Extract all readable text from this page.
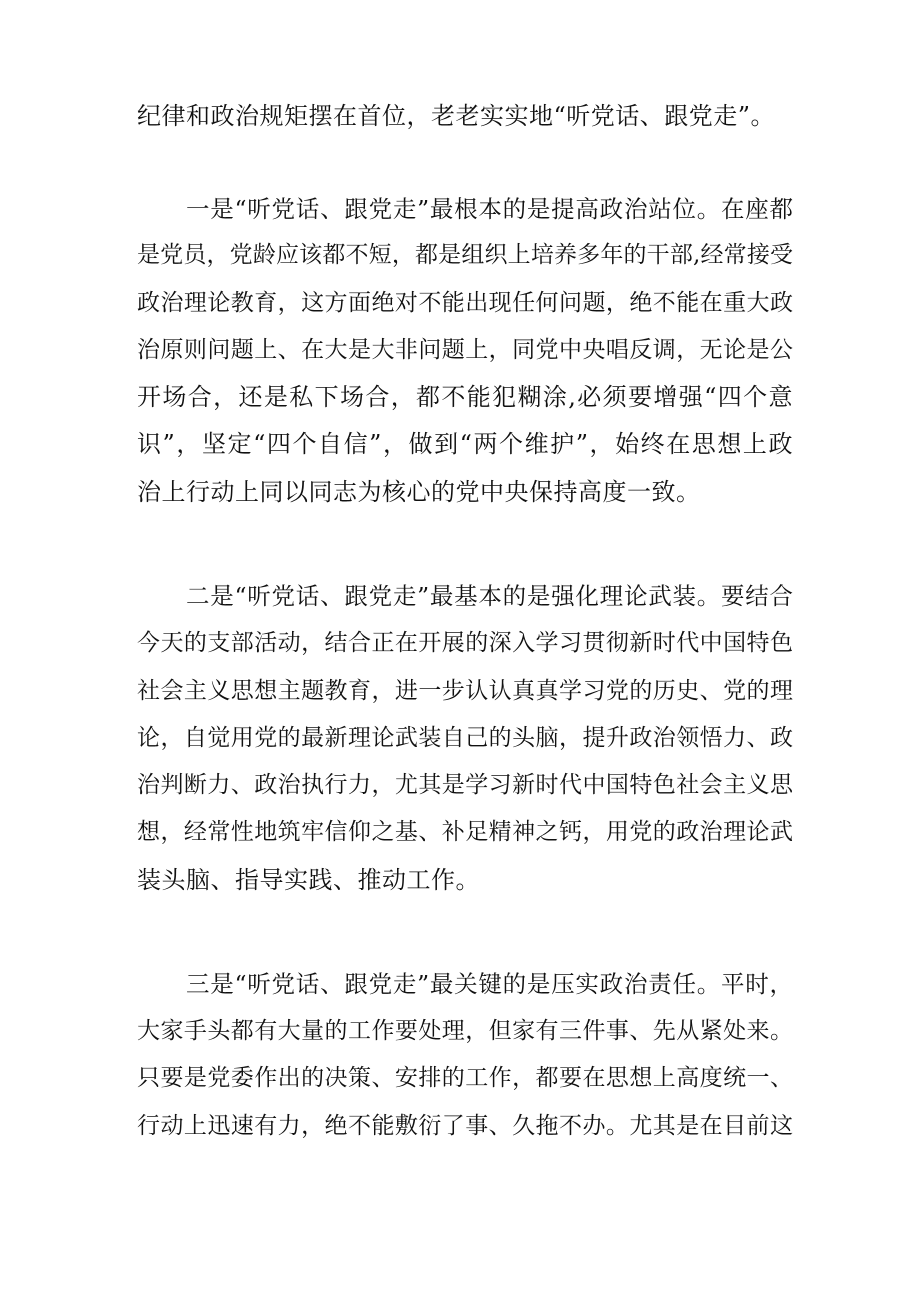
纪律和政治规矩摆在首位，老老实实地“听党话、跟党走”。
一是“听党话、跟党走”最根本的是提高政治站位。在座都
是党员，党龄应该都不短，都是组织上培养多年的干部,经常接受
政治理论教育，这方面绝对不能出现任何问题，绝不能在重大政
治原则问题上、在大是大非问题上，同党中央唱反调，无论是公
开场合，还是私下场合，都不能犯糊涂,必须要增强“四个意
识”，坚定“四个自信”，做到“两个维护”，始终在思想上政
治上行动上同以同志为核心的党中央保持高度一致。
二是“听党话、跟党走”最基本的是强化理论武装。要结合
今天的支部活动，结合正在开展的深入学习贯彻新时代中国特色
社会主义思想主题教育，进一步认认真真学习党的历史、党的理
论，自觉用党的最新理论武装自己的头脑，提升政治领悟力、政
治判断力、政治执行力，尤其是学习新时代中国特色社会主义思
想，经常性地筑牢信仰之基、补足精神之钙，用党的政治理论武
装头脑、指导实践、推动工作。
三是“听党话、跟党走”最关键的是压实政治责任。平时，
大家手头都有大量的工作要处理，但家有三件事、先从紧处来。
只要是党委作出的决策、安排的工作，都要在思想上高度统一、
行动上迅速有力，绝不能敷衍了事、久拖不办。尤其是在目前这
